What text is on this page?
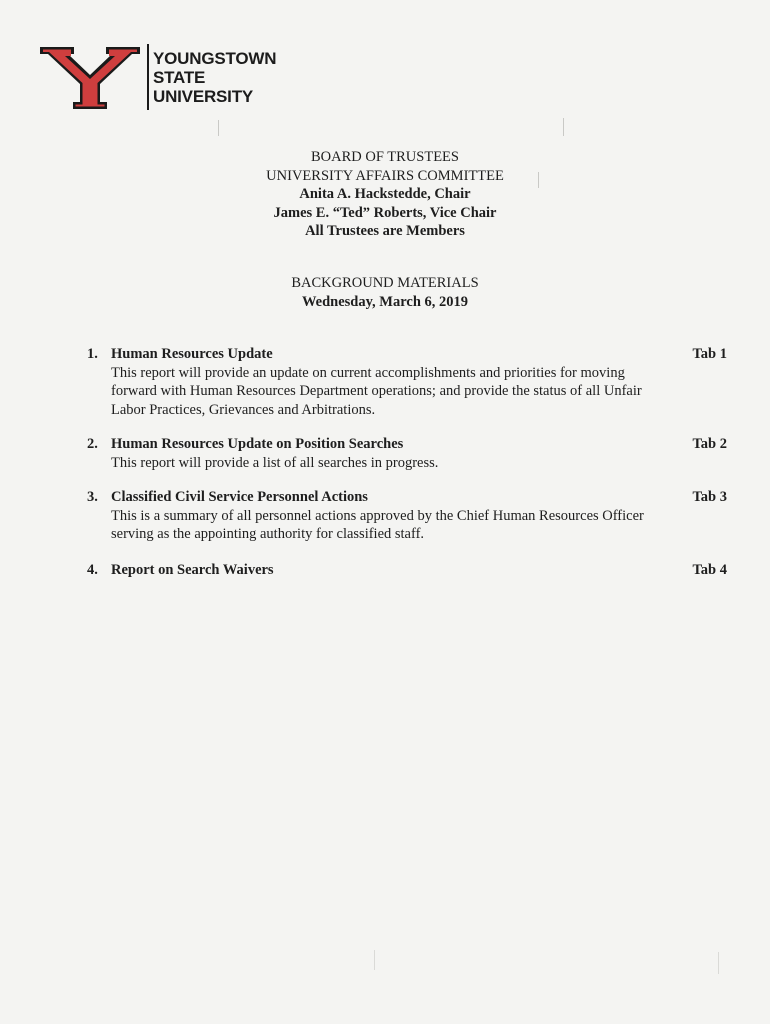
YOUNGSTOWN
STATE
UNIVERSITY
BOARD OF TRUSTEES
UNIVERSITY AFFAIRS COMMITTEE
Anita A. Hackstedde, Chair
James E. “Ted” Roberts, Vice Chair
All Trustees are Members
BACKGROUND MATERIALS
Wednesday, March 6, 2019
1. Human Resources Update
This report will provide an update on current accomplishments and priorities for moving forward with Human Resources Department operations; and provide the status of all Unfair Labor Practices, Grievances and Arbitrations.
Tab 1
2. Human Resources Update on Position Searches
This report will provide a list of all searches in progress.
Tab 2
3. Classified Civil Service Personnel Actions
This is a summary of all personnel actions approved by the Chief Human Resources Officer serving as the appointing authority for classified staff.
Tab 3
4. Report on Search Waivers	Tab 4
